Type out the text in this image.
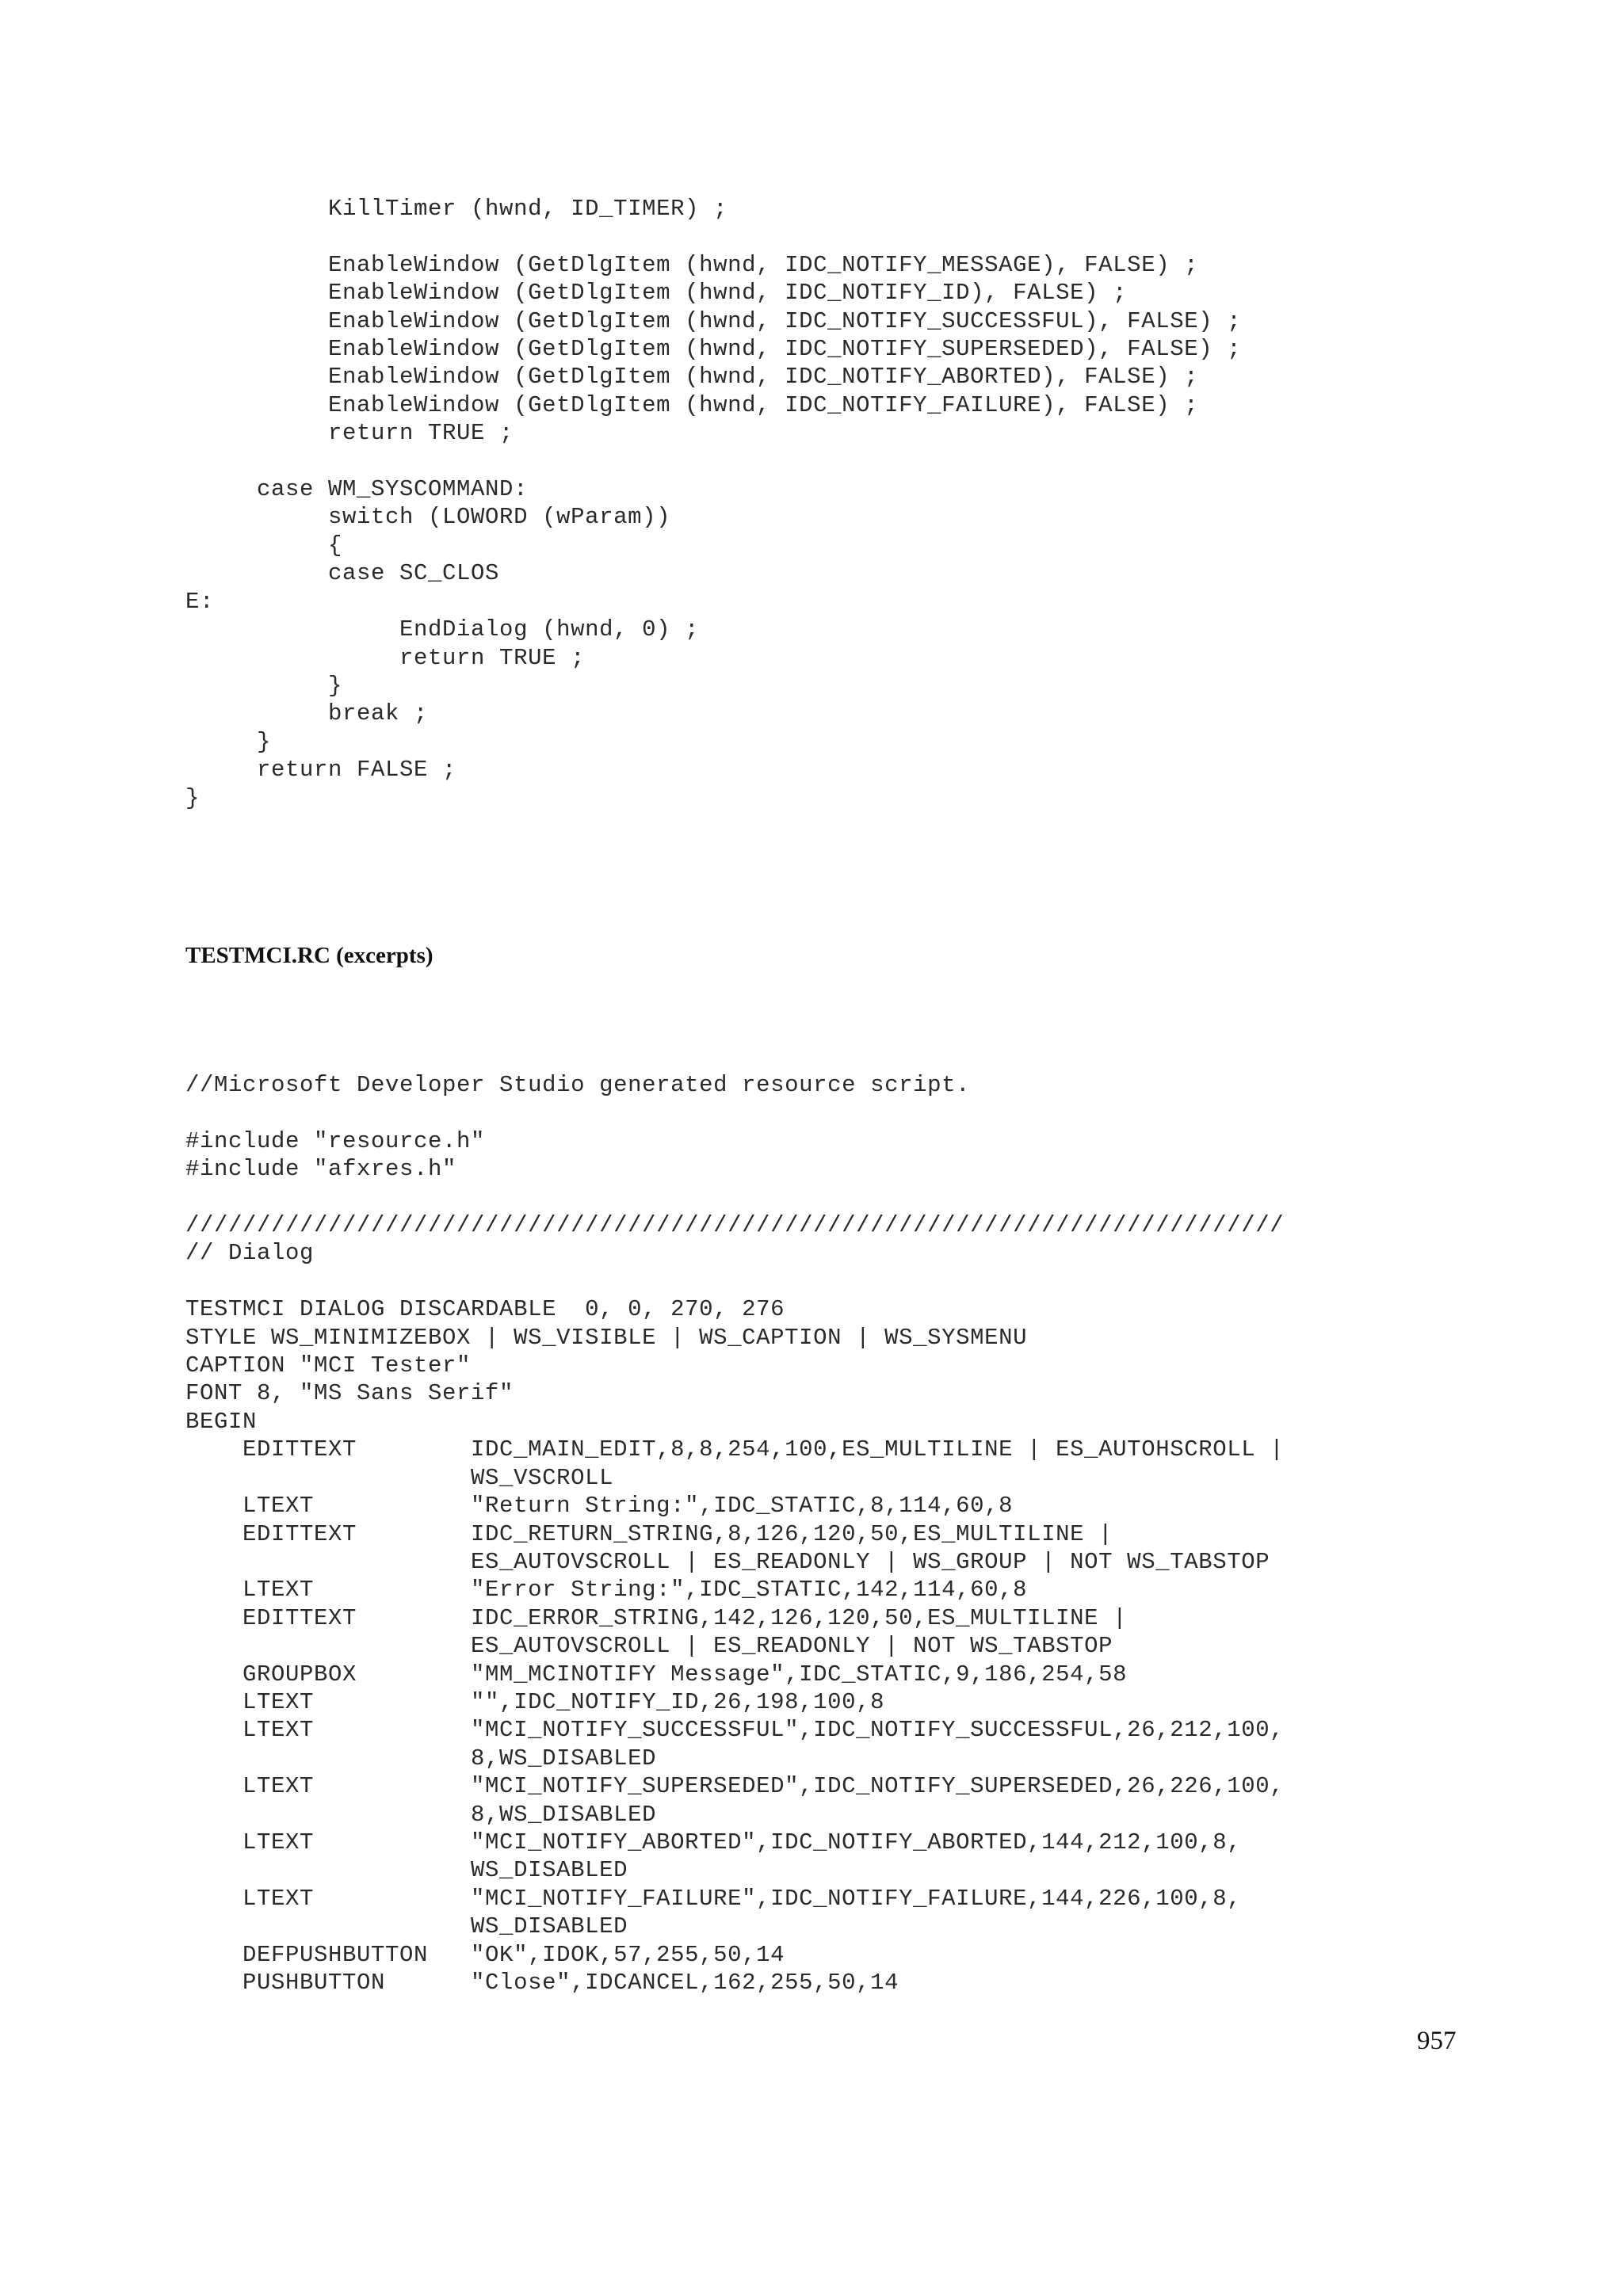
KillTimer (hwnd, ID_TIMER) ;

EnableWindow (GetDlgItem (hwnd, IDC_NOTIFY_MESSAGE), FALSE) ;
EnableWindow (GetDlgItem (hwnd, IDC_NOTIFY_ID), FALSE) ;
EnableWindow (GetDlgItem (hwnd, IDC_NOTIFY_SUCCESSFUL), FALSE) ;
EnableWindow (GetDlgItem (hwnd, IDC_NOTIFY_SUPERSEDED), FALSE) ;
EnableWindow (GetDlgItem (hwnd, IDC_NOTIFY_ABORTED), FALSE) ;
EnableWindow (GetDlgItem (hwnd, IDC_NOTIFY_FAILURE), FALSE) ;
return TRUE ;

case WM_SYSCOMMAND:
switch (LOWORD (wParam))
{
case SC_CLOS
E:
EndDialog (hwnd, 0) ;
return TRUE ;
}
break ;
}
return FALSE ;
}
TESTMCI.RC (excerpts)
//Microsoft Developer Studio generated resource script.

#include "resource.h"
#include "afxres.h"

/////////////////////////////////////////////////////////////////////////////
// Dialog

TESTMCI DIALOG DISCARDABLE  0, 0, 270, 276
STYLE WS_MINIMIZEBOX | WS_VISIBLE | WS_CAPTION | WS_SYSMENU
CAPTION "MCI Tester"
FONT 8, "MS Sans Serif"
BEGIN
EDITTEXT        IDC_MAIN_EDIT,8,8,254,100,ES_MULTILINE | ES_AUTOHSCROLL |
WS_VSCROLL
LTEXT           "Return String:",IDC_STATIC,8,114,60,8
EDITTEXT        IDC_RETURN_STRING,8,126,120,50,ES_MULTILINE |
ES_AUTOVSCROLL | ES_READONLY | WS_GROUP | NOT WS_TABSTOP
LTEXT           "Error String:",IDC_STATIC,142,114,60,8
EDITTEXT        IDC_ERROR_STRING,142,126,120,50,ES_MULTILINE |
ES_AUTOVSCROLL | ES_READONLY | NOT WS_TABSTOP
GROUPBOX        "MM_MCINOTIFY Message",IDC_STATIC,9,186,254,58
LTEXT           "",IDC_NOTIFY_ID,26,198,100,8
LTEXT           "MCI_NOTIFY_SUCCESSFUL",IDC_NOTIFY_SUCCESSFUL,26,212,100,
8,WS_DISABLED
LTEXT           "MCI_NOTIFY_SUPERSEDED",IDC_NOTIFY_SUPERSEDED,26,226,100,
8,WS_DISABLED
LTEXT           "MCI_NOTIFY_ABORTED",IDC_NOTIFY_ABORTED,144,212,100,8,
WS_DISABLED
LTEXT           "MCI_NOTIFY_FAILURE",IDC_NOTIFY_FAILURE,144,226,100,8,
WS_DISABLED
DEFPUSHBUTTON   "OK",IDOK,57,255,50,14
PUSHBUTTON      "Close",IDCANCEL,162,255,50,14
957
